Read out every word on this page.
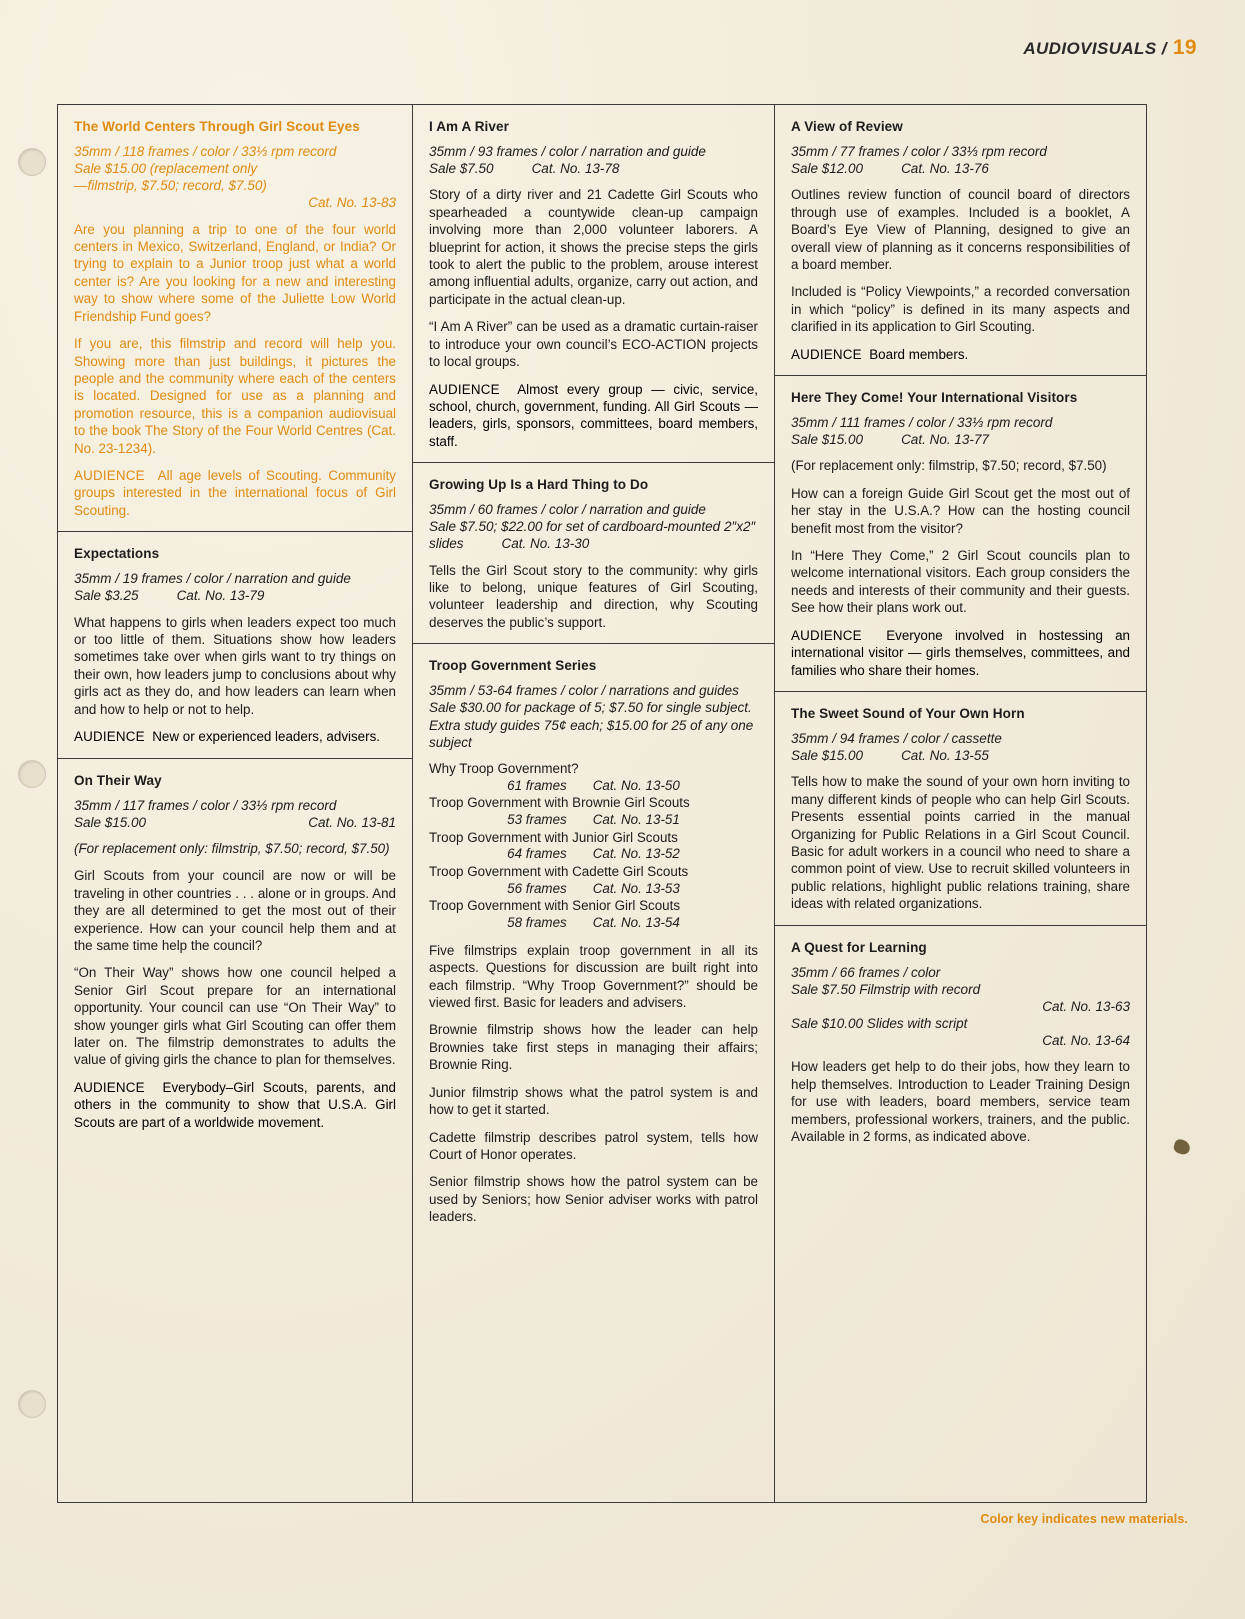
AUDIOVISUALS / 19
The World Centers Through Girl Scout Eyes
35mm / 118 frames / color / 33⅓ rpm record
Sale $15.00 (replacement only
—filmstrip, $7.50; record, $7.50)

Cat. No. 13-83

Are you planning a trip to one of the four world centers in Mexico, Switzerland, England, or India? Or trying to explain to a Junior troop just what a world center is? Are you looking for a new and interesting way to show where some of the Juliette Low World Friendship Fund goes?

If you are, this filmstrip and record will help you. Showing more than just buildings, it pictures the people and the community where each of the centers is located. Designed for use as a planning and promotion resource, this is a companion audiovisual to the book The Story of the Four World Centres (Cat. No. 23-1234).

AUDIENCE All age levels of Scouting. Community groups interested in the international focus of Girl Scouting.

Expectations
35mm / 19 frames / color / narration and guide
Sale $3.25	Cat. No. 13-79

What happens to girls when leaders expect too much or too little of them. Situations show how leaders sometimes take over when girls want to try things on their own, how leaders jump to conclusions about why girls act as they do, and how leaders can learn when and how to help or not to help.

AUDIENCE New or experienced leaders, advisers.

On Their Way
35mm / 117 frames / color / 33⅓ rpm record
Sale $15.00	Cat. No. 13-81

(For replacement only: filmstrip, $7.50; record, $7.50)

Girl Scouts from your council are now or will be traveling in other countries . . . alone or in groups. And they are all determined to get the most out of their experience. How can your council help them and at the same time help the council?

“On Their Way” shows how one council helped a Senior Girl Scout prepare for an international opportunity. Your council can use “On Their Way” to show younger girls what Girl Scouting can offer them later on. The filmstrip demonstrates to adults the value of giving girls the chance to plan for themselves.

AUDIENCE Everybody–Girl Scouts, parents, and others in the community to show that U.S.A. Girl Scouts are part of a worldwide movement.

I Am A River
35mm / 93 frames / color / narration and guide
Sale $7.50	Cat. No. 13-78

Story of a dirty river and 21 Cadette Girl Scouts who spearheaded a countywide clean-up campaign involving more than 2,000 volunteer laborers. A blueprint for action, it shows the precise steps the girls took to alert the public to the problem, arouse interest among influential adults, organize, carry out action, and participate in the actual clean-up.

“I Am A River” can be used as a dramatic curtain-raiser to introduce your own council’s ECO-ACTION projects to local groups.

AUDIENCE Almost every group — civic, service, school, church, government, funding. All Girl Scouts — leaders, girls, sponsors, committees, board members, staff.

Growing Up Is a Hard Thing to Do
35mm / 60 frames / color / narration and guide
Sale $7.50; $22.00 for set of cardboard-mounted 2″x2″ slides	Cat. No. 13-30

Tells the Girl Scout story to the community: why girls like to belong, unique features of Girl Scouting, volunteer leadership and direction, why Scouting deserves the public’s support.

Troop Government Series
35mm / 53-64 frames / color / narrations and guides
Sale $30.00 for package of 5; $7.50 for single subject. Extra study guides 75¢ each; $15.00 for 25 of any one subject

Why Troop Government?
61 frames Cat. No. 13-50

Troop Government with Brownie Girl Scouts
53 frames Cat. No. 13-51

Troop Government with Junior Girl Scouts
64 frames Cat. No. 13-52

Troop Government with Cadette Girl Scouts
56 frames Cat. No. 13-53

Troop Government with Senior Girl Scouts
58 frames Cat. No. 13-54

Five filmstrips explain troop government in all its aspects. Questions for discussion are built right into each filmstrip. “Why Troop Government?” should be viewed first. Basic for leaders and advisers.

Brownie filmstrip shows how the leader can help Brownies take first steps in managing their affairs; Brownie Ring.

Junior filmstrip shows what the patrol system is and how to get it started.

Cadette filmstrip describes patrol system, tells how Court of Honor operates.

Senior filmstrip shows how the patrol system can be used by Seniors; how Senior adviser works with patrol leaders.

A View of Review
35mm / 77 frames / color / 33⅓ rpm record
Sale $12.00	Cat. No. 13-76

Outlines review function of council board of directors through use of examples. Included is a booklet, A Board’s Eye View of Planning, designed to give an overall view of planning as it concerns responsibilities of a board member.

Included is “Policy Viewpoints,” a recorded conversation in which “policy” is defined in its many aspects and clarified in its application to Girl Scouting.

AUDIENCE Board members.

Here They Come! Your International Visitors
35mm / 111 frames / color / 33⅓ rpm record
Sale $15.00	Cat. No. 13-77

(For replacement only: filmstrip, $7.50; record, $7.50)

How can a foreign Guide Girl Scout get the most out of her stay in the U.S.A.? How can the hosting council benefit most from the visitor?

In “Here They Come,” 2 Girl Scout councils plan to welcome international visitors. Each group considers the needs and interests of their community and their guests. See how their plans work out.

AUDIENCE Everyone involved in hostessing an international visitor — girls themselves, committees, and families who share their homes.

The Sweet Sound of Your Own Horn
35mm / 94 frames / color / cassette
Sale $15.00	Cat. No. 13-55

Tells how to make the sound of your own horn inviting to many different kinds of people who can help Girl Scouts. Presents essential points carried in the manual Organizing for Public Relations in a Girl Scout Council. Basic for adult workers in a council who need to share a common point of view. Use to recruit skilled volunteers in public relations, highlight public relations training, share ideas with related organizations.

A Quest for Learning
35mm / 66 frames / color
Sale $7.50 Filmstrip with record

Cat. No. 13-63
Sale $10.00 Slides with script

Cat. No. 13-64

How leaders get help to do their jobs, how they learn to help themselves. Introduction to Leader Training Design for use with leaders, board members, service team members, professional workers, trainers, and the public. Available in 2 forms, as indicated above.

Color key indicates new materials.
